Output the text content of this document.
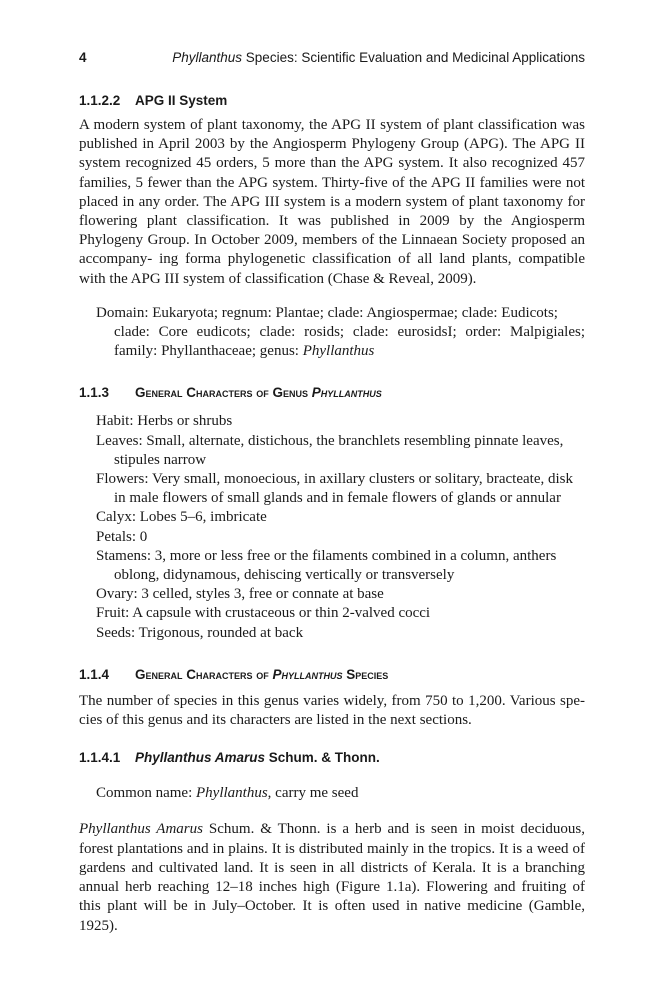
4	Phyllanthus Species: Scientific Evaluation and Medicinal Applications
1.1.2.2 APG II System

A modern system of plant taxonomy, the APG II system of plant classification was published in April 2003 by the Angiosperm Phylogeny Group (APG). The APG II system recognized 45 orders, 5 more than the APG system. It also recognized 457 families, 5 fewer than the APG system. Thirty-five of the APG II families were not placed in any order. The APG III system is a modern system of plant taxonomy for flowering plant classification. It was published in 2009 by the Angiosperm Phylogeny Group. In October 2009, members of the Linnaean Society proposed an accompany- ing forma phylogenetic classification of all land plants, compatible with the APG III system of classification (Chase & Reveal, 2009).

Domain: Eukaryota; regnum: Plantae; clade: Angiospermae; clade: Eudicots;
clade: Core eudicots; clade: rosids; clade: eurosidsI; order: Malpigiales; family: Phyllanthaceae; genus: Phyllanthus

1.1.3 General Characters of Genus Phyllanthus
Habit: Herbs or shrubs
Leaves: Small, alternate, distichous, the branchlets resembling pinnate leaves,
stipules narrow
Flowers: Very small, monoecious, in axillary clusters or solitary, bracteate, disk
in male flowers of small glands and in female flowers of glands or annular
Calyx: Lobes 5–6, imbricate
Petals: 0
Stamens: 3, more or less free or the filaments combined in a column, anthers
oblong, didynamous, dehiscing vertically or transversely
Ovary: 3 celled, styles 3, free or connate at base
Fruit: A capsule with crustaceous or thin 2-valved cocci
Seeds: Trigonous, rounded at back
1.1.4 General Characters of Phyllanthus Species

The number of species in this genus varies widely, from 750 to 1,200. Various spe- cies of this genus and its characters are listed in the next sections.

1.1.4.1 Phyllanthus Amarus Schum. & Thonn.

Common name: Phyllanthus, carry me seed

Phyllanthus Amarus Schum. & Thonn. is a herb and is seen in moist deciduous, forest plantations and in plains. It is distributed mainly in the tropics. It is a weed of gardens and cultivated land. It is seen in all districts of Kerala. It is a branching annual herb reaching 12–18 inches high (Figure 1.1a). Flowering and fruiting of this plant will be in July–October. It is often used in native medicine (Gamble, 1925).
